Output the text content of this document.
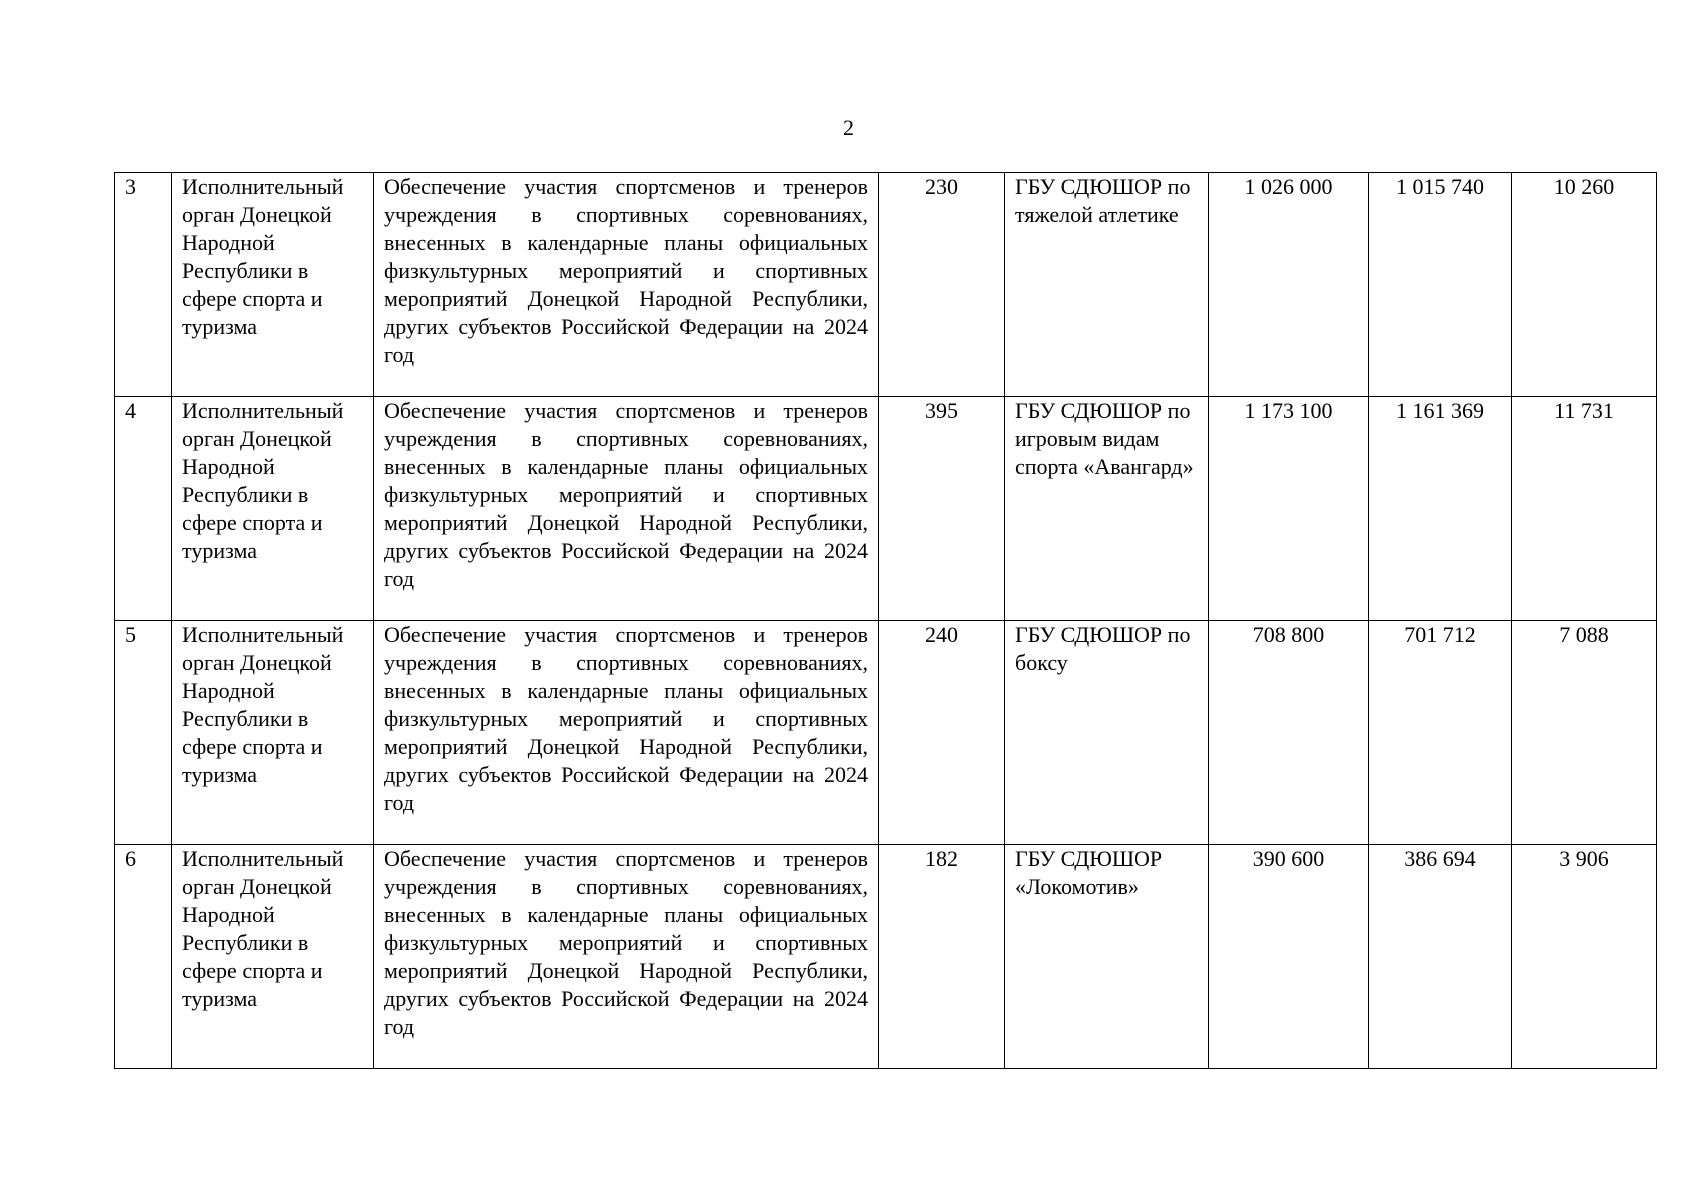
2
3	Исполнительный орган Донецкой Народной Республики в сфере спорта и туризма	Обеспечение участия спортсменов и тренеров учреждения в спортивных соревнованиях, внесенных в календарные планы официальных физкультурных мероприятий и спортивных мероприятий Донецкой Народной Республики, других субъектов Российской Федерации на 2024 год	230	ГБУ СДЮШОР по тяжелой атлетике	1 026 000	1 015 740	10 260
4	Исполнительный орган Донецкой Народной Республики в сфере спорта и туризма	Обеспечение участия спортсменов и тренеров учреждения в спортивных соревнованиях, внесенных в календарные планы официальных физкультурных мероприятий и спортивных мероприятий Донецкой Народной Республики, других субъектов Российской Федерации на 2024 год	395	ГБУ СДЮШОР по игровым видам спорта «Авангард»	1 173 100	1 161 369	11 731
5	Исполнительный орган Донецкой Народной Республики в сфере спорта и туризма	Обеспечение участия спортсменов и тренеров учреждения в спортивных соревнованиях, внесенных в календарные планы официальных физкультурных мероприятий и спортивных мероприятий Донецкой Народной Республики, других субъектов Российской Федерации на 2024 год	240	ГБУ СДЮШОР по боксу	708 800	701 712	7 088
6	Исполнительный орган Донецкой Народной Республики в сфере спорта и туризма	Обеспечение участия спортсменов и тренеров учреждения в спортивных соревнованиях, внесенных в календарные планы официальных физкультурных мероприятий и спортивных мероприятий Донецкой Народной Республики, других субъектов Российской Федерации на 2024 год	182	ГБУ СДЮШОР «Локомотив»	390 600	386 694	3 906
